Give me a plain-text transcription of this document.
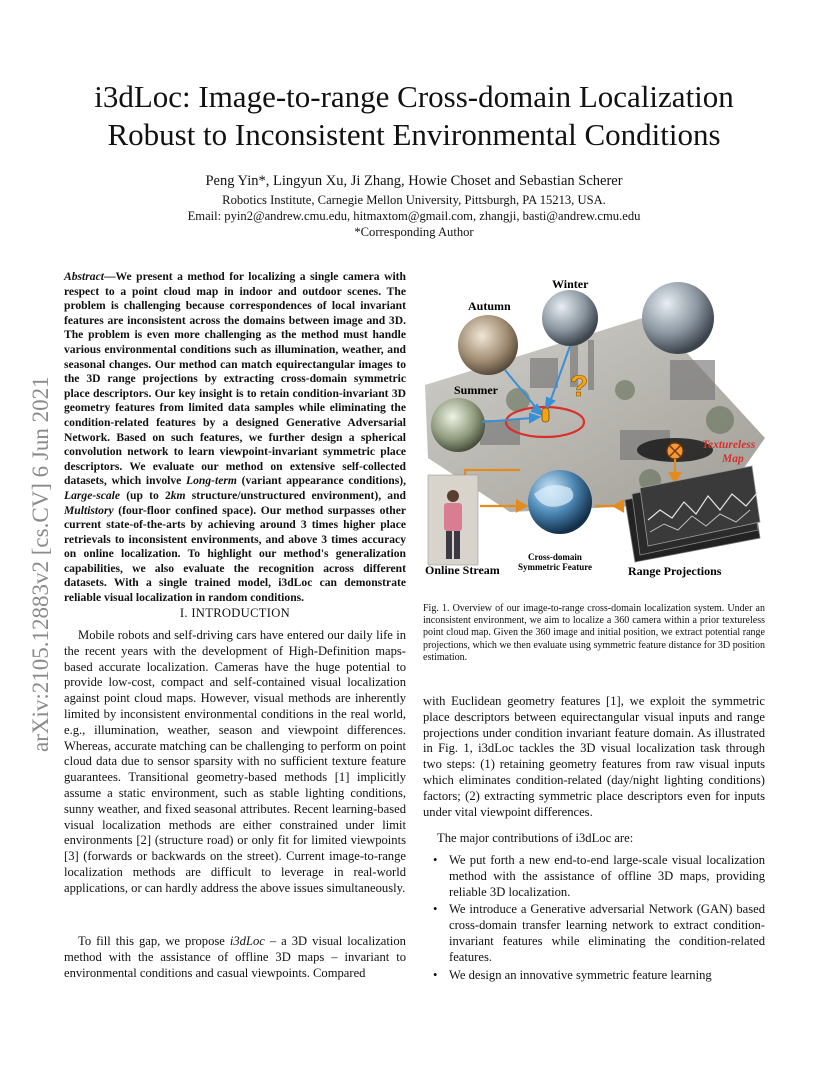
arXiv:2105.12883v2 [cs.CV] 6 Jun 2021
i3dLoc: Image-to-range Cross-domain Localization
Robust to Inconsistent Environmental Conditions
Peng Yin*, Lingyun Xu, Ji Zhang, Howie Choset and Sebastian Scherer
Robotics Institute, Carnegie Mellon University, Pittsburgh, PA 15213, USA.
Email: pyin2@andrew.cmu.edu, hitmaxtom@gmail.com, zhangji, basti@andrew.cmu.edu
*Corresponding Author
Abstract—We present a method for localizing a single camera with respect to a point cloud map in indoor and outdoor scenes. The problem is challenging because correspondences of local invariant features are inconsistent across the domains between image and 3D. The problem is even more challenging as the method must handle various environmental conditions such as illumination, weather, and seasonal changes. Our method can match equirectangular images to the 3D range projections by extracting cross-domain symmetric place descriptors. Our key insight is to retain condition-invariant 3D geometry features from limited data samples while eliminating the condition-related features by a designed Generative Adversarial Network. Based on such features, we further design a spherical convolution network to learn viewpoint-invariant symmetric place descriptors. We evaluate our method on extensive self-collected datasets, which involve Long-term (variant appearance conditions), Large-scale (up to 2km structure/unstructured environment), and Multistory (four-floor confined space). Our method surpasses other current state-of-the-arts by achieving around 3 times higher place retrievals to inconsistent environments, and above 3 times accuracy on online localization. To highlight our method's generalization capabilities, we also evaluate the recognition across different datasets. With a single trained model, i3dLoc can demonstrate reliable visual localization in random conditions.
I. INTRODUCTION
Mobile robots and self-driving cars have entered our daily life in the recent years with the development of High-Definition maps-based accurate localization. Cameras have the huge potential to provide low-cost, compact and self-contained visual localization against point cloud maps. However, visual methods are inherently limited by inconsistent environmental conditions in the real world, e.g., illumination, weather, season and viewpoint differences. Whereas, accurate matching can be challenging to perform on point cloud data due to sensor sparsity with no sufficient texture feature guarantees. Transitional geometry-based methods [1] implicitly assume a static environment, such as stable lighting conditions, sunny weather, and fixed seasonal attributes. Recent learning-based visual localization methods are either constrained under limit environments [2] (structure road) or only fit for limited viewpoints [3] (forwards or backwards on the street). Current image-to-range localization methods are difficult to leverage in real-world applications, or can hardly address the above issues simultaneously.
To fill this gap, we propose i3dLoc – a 3D visual localization method with the assistance of offline 3D maps – invariant to environmental conditions and casual viewpoints. Compared
?
Winter
Autumn
Summer
Textureless
Map
Online Stream
Cross-domain
Symmetric Feature	Range Projections
Fig. 1. Overview of our image-to-range cross-domain localization system. Under an inconsistent environment, we aim to localize a 360 camera within a prior textureless point cloud map. Given the 360 image and initial position, we extract potential range projections, which we then evaluate using symmetric feature distance for 3D position estimation.
with Euclidean geometry features [1], we exploit the symmetric place descriptors between equirectangular visual inputs and range projections under condition invariant feature domain. As illustrated in Fig. 1, i3dLoc tackles the 3D visual localization task through two steps: (1) retaining geometry features from raw visual inputs which eliminates condition-related (day/night lighting conditions) factors; (2) extracting symmetric place descriptors even for inputs under vital viewpoint differences.
The major contributions of i3dLoc are:
• We put forth a new end-to-end large-scale visual localization method with the assistance of offline 3D maps, providing reliable 3D localization.
• We introduce a Generative adversarial Network (GAN) based cross-domain transfer learning network to extract condition-invariant features while eliminating the condition-related features.
• We design an innovative symmetric feature learning
